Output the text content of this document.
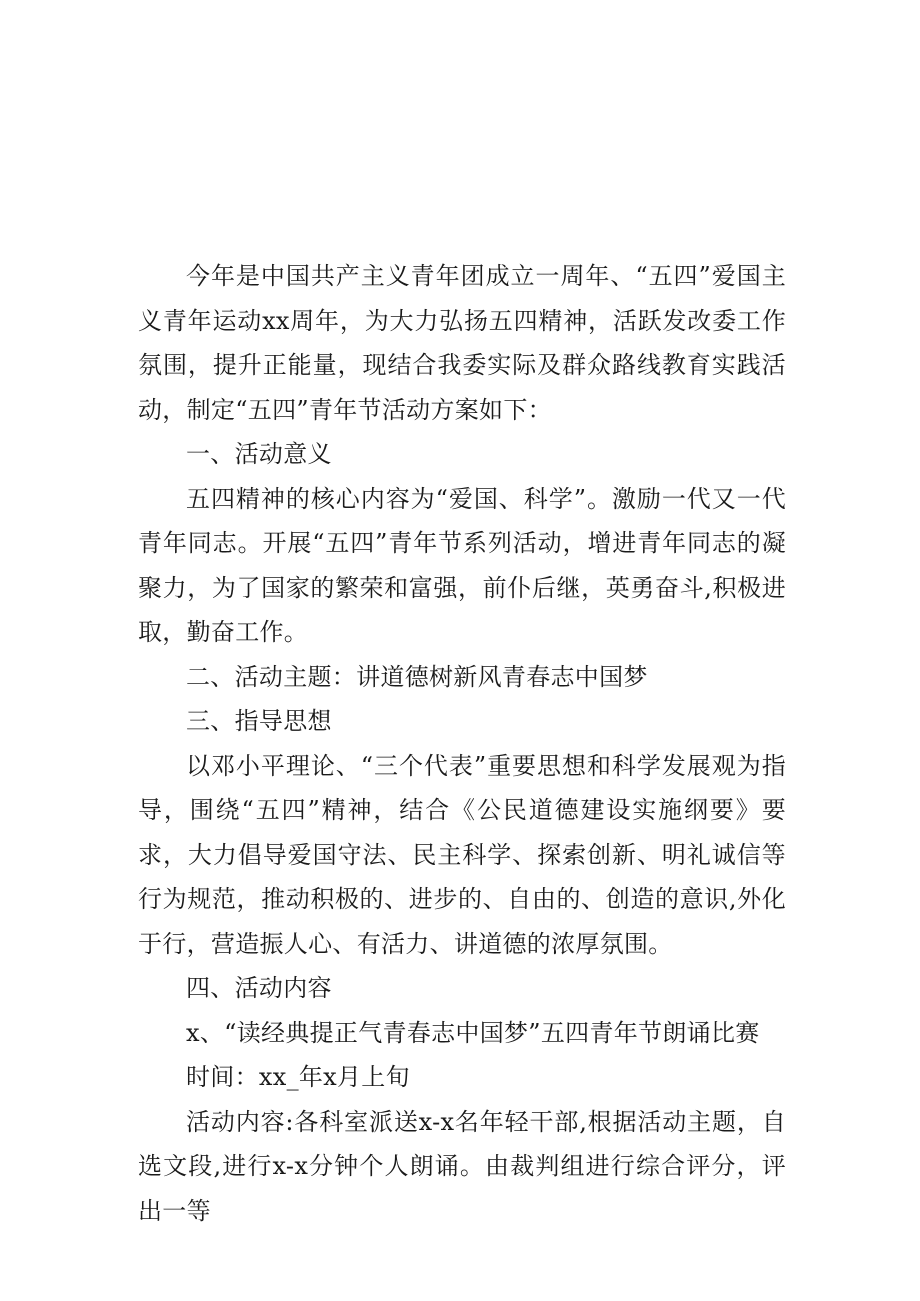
今年是中国共产主义青年团成立一周年、“五四”爱国主义青年运动xx周年，为大力弘扬五四精神，活跃发改委工作氛围，提升正能量，现结合我委实际及群众路线教育实践活动，制定“五四”青年节活动方案如下：

一、活动意义

五四精神的核心内容为“爱国、科学”。激励一代又一代青年同志。开展“五四”青年节系列活动，增进青年同志的凝聚力，为了国家的繁荣和富强，前仆后继，英勇奋斗,积极进取，勤奋工作。

二、活动主题：讲道德树新风青春志中国梦

三、指导思想

以邓小平理论、“三个代表”重要思想和科学发展观为指导，围绕“五四”精神，结合《公民道德建设实施纲要》要求，大力倡导爱国守法、民主科学、探索创新、明礼诚信等行为规范，推动积极的、进步的、自由的、创造的意识,外化于行，营造振人心、有活力、讲道德的浓厚氛围。

四、活动内容

x、“读经典提正气青春志中国梦”五四青年节朗诵比赛

时间：xx_年x月上旬

活动内容:各科室派送x-x名年轻干部,根据活动主题，自选文段,进行x-x分钟个人朗诵。由裁判组进行综合评分，评出一等
